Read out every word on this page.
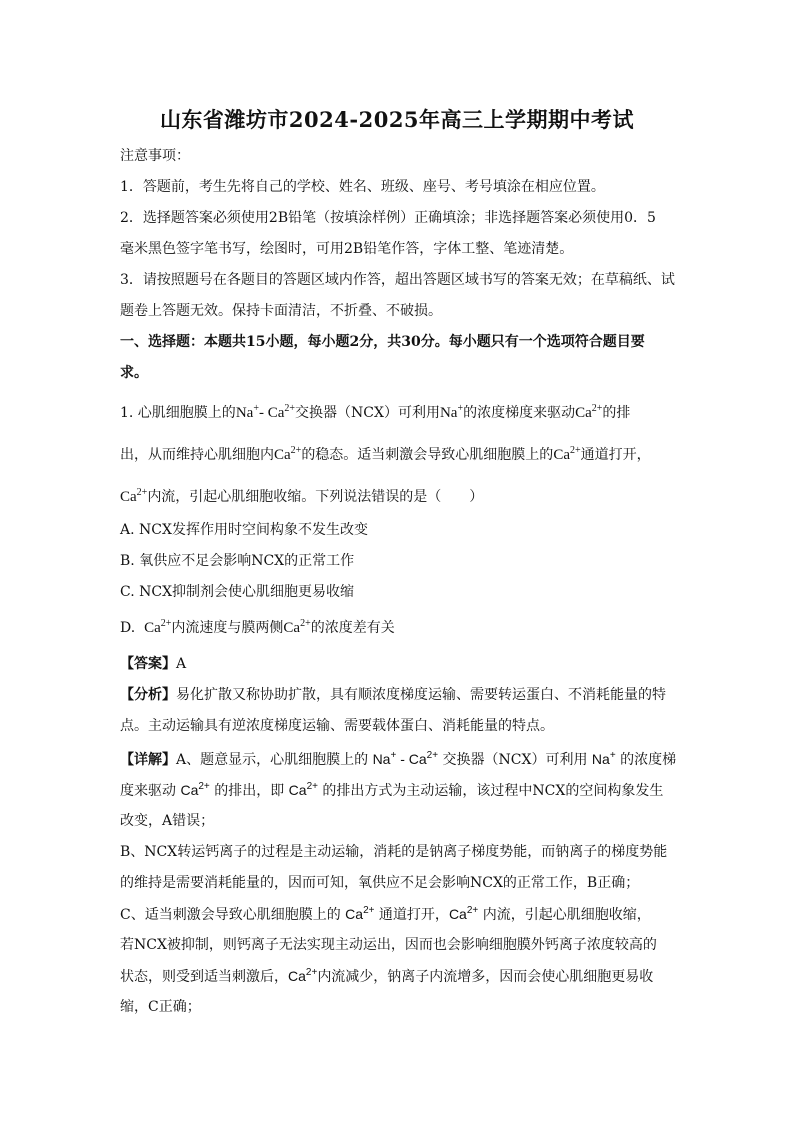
山东省潍坊市2024-2025年高三上学期期中考试
注意事项：
1．答题前，考生先将自己的学校、姓名、班级、座号、考号填涂在相应位置。
2．选择题答案必须使用2B铅笔（按填涂样例）正确填涂；非选择题答案必须使用0．5
毫米黑色签字笔书写，绘图时，可用2B铅笔作答，字体工整、笔迹清楚。
3．请按照题号在各题目的答题区域内作答，超出答题区域书写的答案无效；在草稿纸、试
题卷上答题无效。保持卡面清洁，不折叠、不破损。
一、选择题：本题共15小题，每小题2分，共30分。每小题只有一个选项符合题目要
求。
1. 心肌细胞膜上的Na+- $Ca^{2+}$交换器（NCX）可利用Na+的浓度梯度来驱动$Ca^{2+}$的排
出，从而维持心肌细胞内$Ca^{2+}$的稳态。适当刺激会导致心肌细胞膜上的$Ca^{2+}$通道打开，
$Ca^{2+}$内流，引起心肌细胞收缩。下列说法错误的是（　　）
A. NCX发挥作用时空间构象不发生改变
B. 氧供应不足会影响NCX的正常工作
C. NCX抑制剂会使心肌细胞更易收缩
D. $Ca^{2+}$内流速度与膜两侧$Ca^{2+}$的浓度差有关
【答案】A
【分析】易化扩散又称协助扩散，具有顺浓度梯度运输、需要转运蛋白、不消耗能量的特
点。主动运输具有逆浓度梯度运输、需要载体蛋白、消耗能量的特点。
【详解】A、题意显示，心肌细胞膜上的 $Na^+ - Ca^{2+}$ 交换器（NCX）可利用 Na+ 的浓度梯
度来驱动 $Ca^{2+}$ 的排出，即 $Ca^{2+}$ 的排出方式为主动运输，该过程中NCX的空间构象发生
改变，A错误；
B、NCX转运钙离子的过程是主动运输，消耗的是钠离子梯度势能，而钠离子的梯度势能
的维持是需要消耗能量的，因而可知，氧供应不足会影响NCX的正常工作，B正确；
C、适当刺激会导致心肌细胞膜上的 $Ca^{2+}$ 通道打开，$Ca^{2+}$ 内流，引起心肌细胞收缩，
若NCX被抑制，则钙离子无法实现主动运出，因而也会影响细胞膜外钙离子浓度较高的
状态，则受到适当刺激后，$Ca^{2+}$内流减少，钠离子内流增多，因而会使心肌细胞更易收
缩，C正确；
